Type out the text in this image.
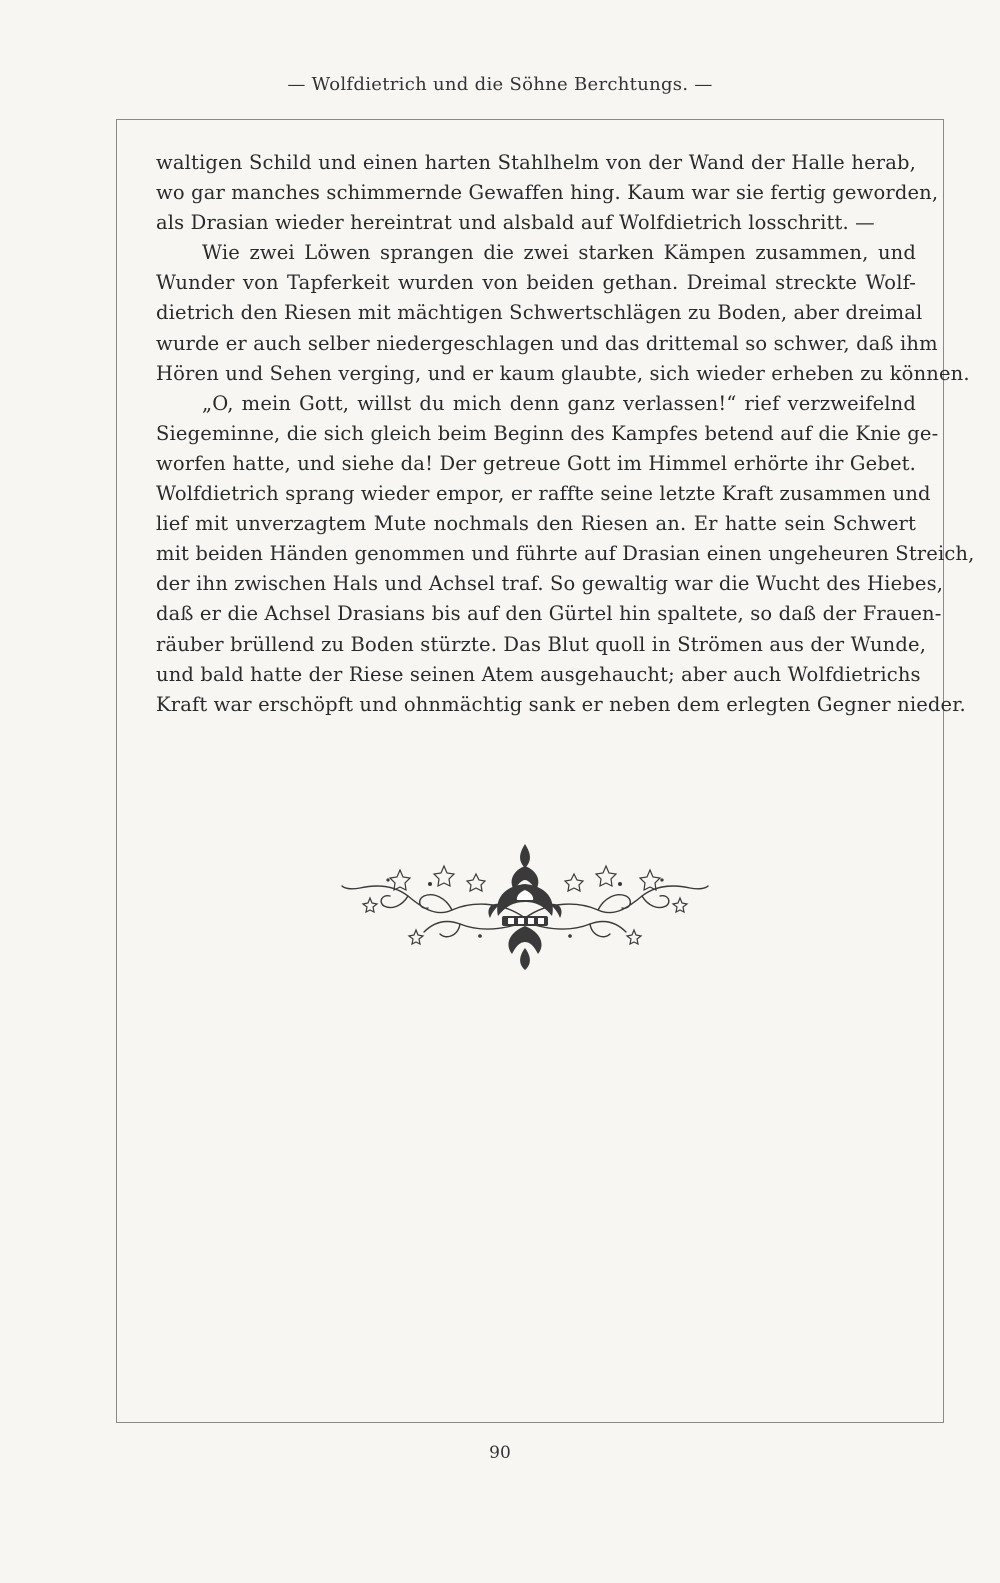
— Wolfdietrich und die Söhne Berchtungs. —
waltigen Schild und einen harten Stahlhelm von der Wand der Halle herab,
wo gar manches schimmernde Gewaffen hing. Kaum war sie fertig geworden,
als Drasian wieder hereintrat und alsbald auf Wolfdietrich losschritt. —
Wie zwei Löwen sprangen die zwei starken Kämpen zusammen, und
Wunder von Tapferkeit wurden von beiden gethan. Dreimal streckte Wolf-
dietrich den Riesen mit mächtigen Schwertschlägen zu Boden, aber dreimal
wurde er auch selber niedergeschlagen und das drittemal so schwer, daß ihm
Hören und Sehen verging, und er kaum glaubte, sich wieder erheben zu können.
„O, mein Gott, willst du mich denn ganz verlassen!“ rief verzweifelnd
Siegeminne, die sich gleich beim Beginn des Kampfes betend auf die Knie ge-
worfen hatte, und siehe da! Der getreue Gott im Himmel erhörte ihr Gebet.
Wolfdietrich sprang wieder empor, er raffte seine letzte Kraft zusammen und
lief mit unverzagtem Mute nochmals den Riesen an. Er hatte sein Schwert
mit beiden Händen genommen und führte auf Drasian einen ungeheuren Streich,
der ihn zwischen Hals und Achsel traf. So gewaltig war die Wucht des Hiebes,
daß er die Achsel Drasians bis auf den Gürtel hin spaltete, so daß der Frauen-
räuber brüllend zu Boden stürzte. Das Blut quoll in Strömen aus der Wunde,
und bald hatte der Riese seinen Atem ausgehaucht; aber auch Wolfdietrichs
Kraft war erschöpft und ohnmächtig sank er neben dem erlegten Gegner nieder.
90
